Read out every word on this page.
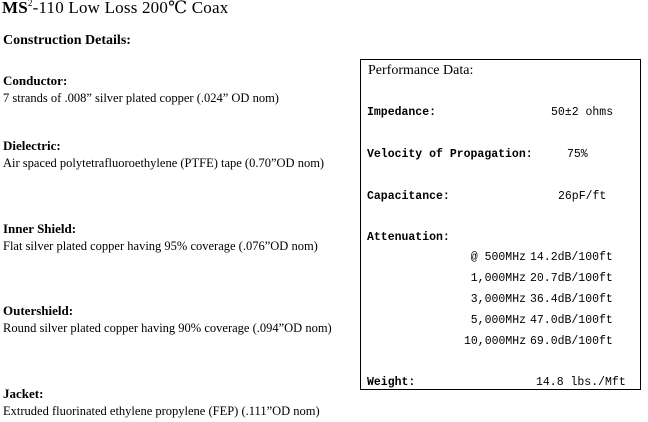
$MS^2-110$ Low Loss 200℃ Coax
Construction Details:
Conductor:
7 strands of .008” silver plated copper (.024” OD nom)
Dielectric:
Air spaced polytetrafluoroethylene (PTFE) tape (0.70”OD nom)
Inner Shield:
Flat silver plated copper having 95% coverage (.076”OD nom)
Outershield:
Round silver plated copper having 90% coverage (.094”OD nom)
Jacket:
Extruded fluorinated ethylene propylene (FEP) (.111”OD nom)
Performance Data:
Impedance:	50±2 ohms
Velocity of Propagation:	75%
Capacitance:	26pF/ft
Attenuation:
@ 500MHz 14.2dB/100ft
1,000MHz 20.7dB/100ft
3,000MHz 36.4dB/100ft
5,000MHz 47.0dB/100ft
10,000MHz 69.0dB/100ft
Weight:	14.8 lbs./Mft
